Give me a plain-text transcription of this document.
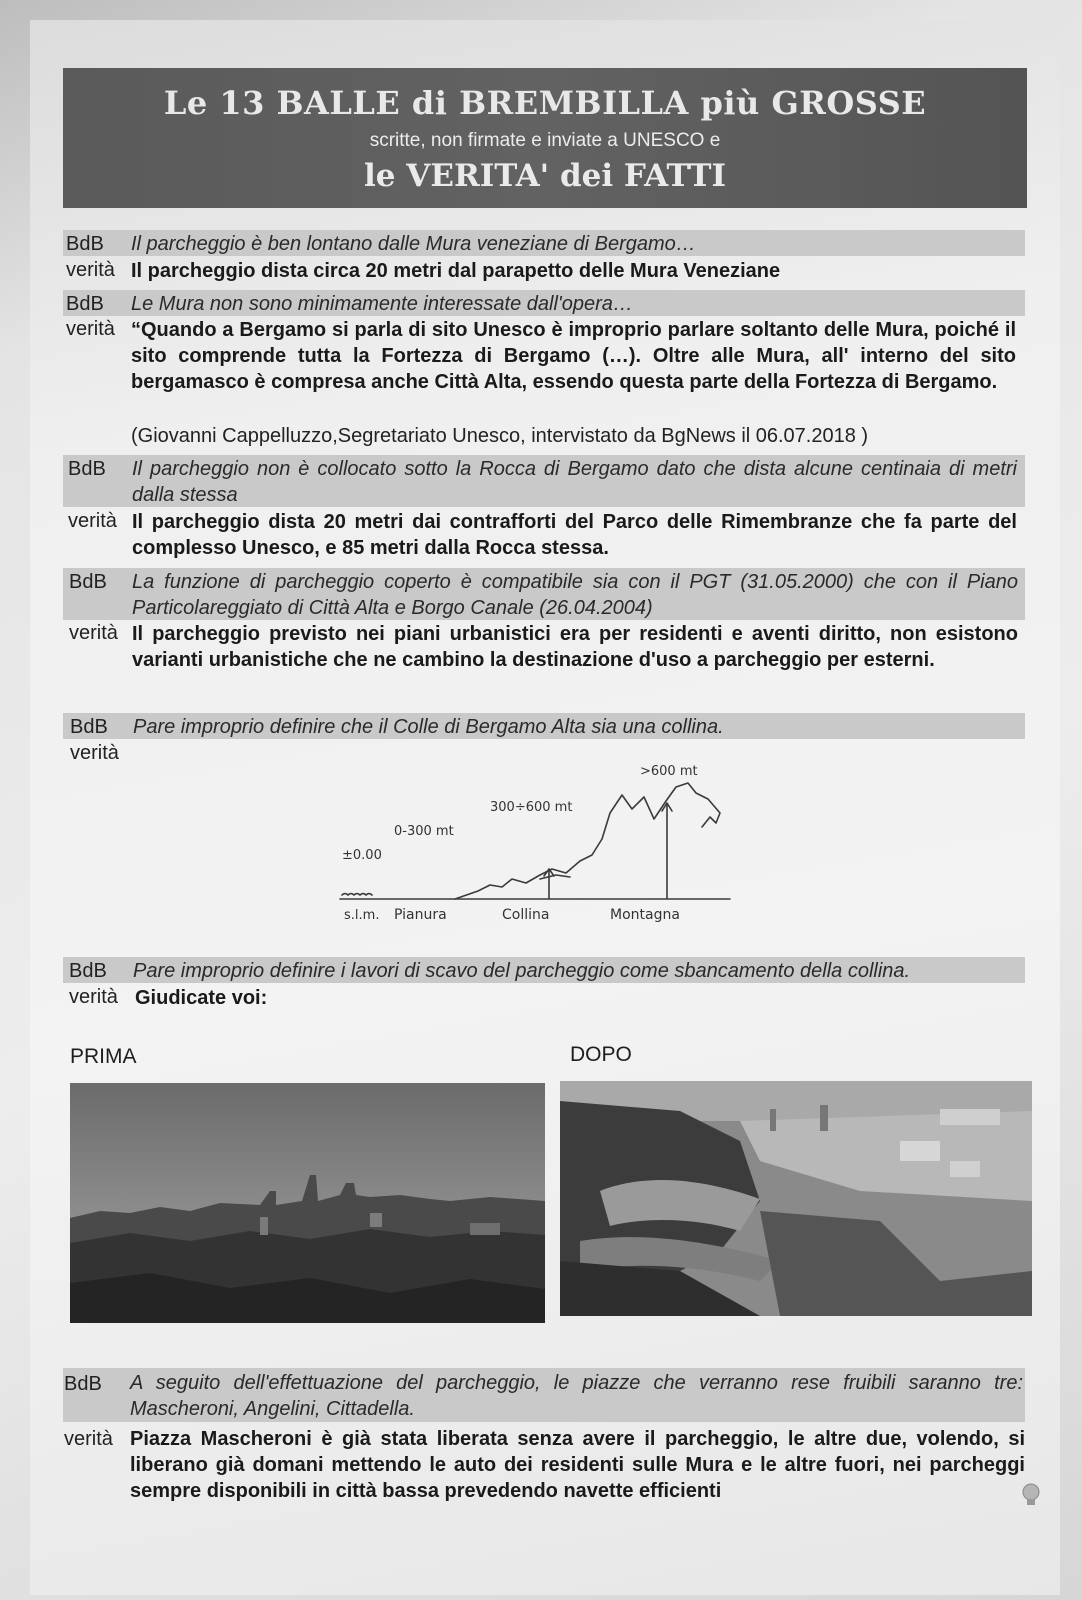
Le 13 BALLE di BREMBILLA più GROSSE
scritte, non firmate e inviate a UNESCO e
le VERITA' dei FATTI
BdB Il parcheggio è ben lontano dalle Mura veneziane di Bergamo…
verità Il parcheggio dista circa 20 metri dal parapetto delle Mura Veneziane
BdB Le Mura non sono minimamente interessate dall'opera…
verità “Quando a Bergamo si parla di sito Unesco è improprio parlare soltanto delle Mura, poiché il sito comprende tutta la Fortezza di Bergamo (…). Oltre alle Mura, all' interno del sito bergamasco è compresa anche Città Alta, essendo questa parte della Fortezza di Bergamo.
(Giovanni Cappelluzzo,Segretariato Unesco, intervistato da BgNews il 06.07.2018 )
BdB Il parcheggio non è collocato sotto la Rocca di Bergamo dato che dista alcune centinaia di metri dalla stessa
verità Il parcheggio dista 20 metri dai contrafforti del Parco delle Rimembranze che fa parte del complesso Unesco, e 85 metri dalla Rocca stessa.
BdB La funzione di parcheggio coperto è compatibile sia con il PGT (31.05.2000) che con il Piano Particolareggiato di Città Alta e Borgo Canale (26.04.2004)
verità Il parcheggio previsto nei piani urbanistici era per residenti e aventi diritto, non esistono varianti urbanistiche che ne cambino la destinazione d'uso a parcheggio per esterni.
BdB Pare improprio definire che il Colle di Bergamo Alta sia una collina.
verità
±0.00
0-300 mt
300÷600 mt
>600 mt
s.l.m. Pianura	Collina	Montagna
BdB Pare improprio definire i lavori di scavo del parcheggio come sbancamento della collina.
verità Giudicate voi:
PRIMA	DOPO
BdB A seguito dell'effettuazione del parcheggio, le piazze che verranno rese fruibili saranno tre: Mascheroni, Angelini, Cittadella.
verità Piazza Mascheroni è già stata liberata senza avere il parcheggio, le altre due, volendo, si liberano già domani mettendo le auto dei residenti sulle Mura e le altre fuori, nei parcheggi sempre disponibili in città bassa prevedendo navette efficienti
